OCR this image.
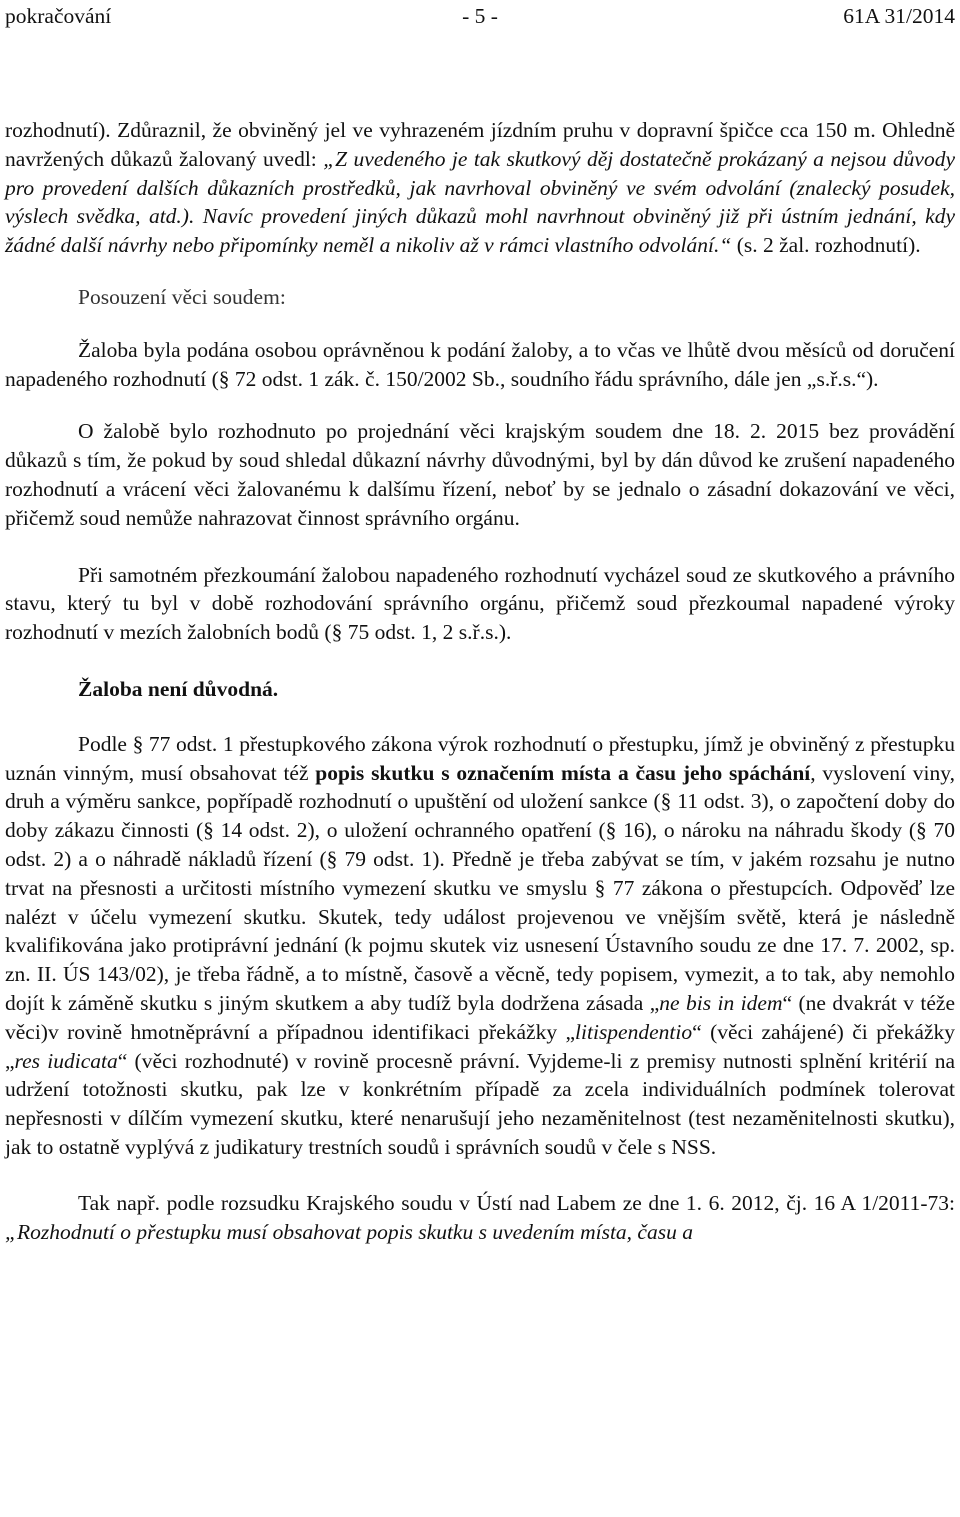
pokračování	- 5 -	61A 31/2014

rozhodnutí). Zdůraznil, že obviněný jel ve vyhrazeném jízdním pruhu v dopravní špičce cca 150 m. Ohledně navržených důkazů žalovaný uvedl: „Z uvedeného je tak skutkový děj dostatečně prokázaný a nejsou důvody pro provedení dalších důkazních prostředků, jak navrhoval obviněný ve svém odvolání (znalecký posudek, výslech svědka, atd.). Navíc provedení jiných důkazů mohl navrhnout obviněný již při ústním jednání, kdy žádné další návrhy nebo připomínky neměl a nikoliv až v rámci vlastního odvolání.“ (s. 2 žal. rozhodnutí).

Posouzení věci soudem:

Žaloba byla podána osobou oprávněnou k podání žaloby, a to včas ve lhůtě dvou měsíců od doručení napadeného rozhodnutí (§ 72 odst. 1 zák. č. 150/2002 Sb., soudního řádu správního, dále jen „s.ř.s.“).

O žalobě bylo rozhodnuto po projednání věci krajským soudem dne 18. 2. 2015 bez provádění důkazů s tím, že pokud by soud shledal důkazní návrhy důvodnými, byl by dán důvod ke zrušení napadeného rozhodnutí a vrácení věci žalovanému k dalšímu řízení, neboť by se jednalo o zásadní dokazování ve věci, přičemž soud nemůže nahrazovat činnost správního orgánu.

Při samotném přezkoumání žalobou napadeného rozhodnutí vycházel soud ze skutkového a právního stavu, který tu byl v době rozhodování správního orgánu, přičemž soud přezkoumal napadené výroky rozhodnutí v mezích žalobních bodů (§ 75 odst. 1, 2 s.ř.s.).

Žaloba není důvodná.

Podle § 77 odst. 1 přestupkového zákona výrok rozhodnutí o přestupku, jímž je obviněný z přestupku uznán vinným, musí obsahovat též popis skutku s označením místa a času jeho spáchání, vyslovení viny, druh a výměru sankce, popřípadě rozhodnutí o upuštění od uložení sankce (§ 11 odst. 3), o započtení doby do doby zákazu činnosti (§ 14 odst. 2), o uložení ochranného opatření (§ 16), o nároku na náhradu škody (§ 70 odst. 2) a o náhradě nákladů řízení (§ 79 odst. 1). Předně je třeba zabývat se tím, v jakém rozsahu je nutno trvat na přesnosti a určitosti místního vymezení skutku ve smyslu § 77 zákona o přestupcích. Odpověď lze nalézt v účelu vymezení skutku. Skutek, tedy událost projevenou ve vnějším světě, která je následně kvalifikována jako protiprávní jednání (k pojmu skutek viz usnesení Ústavního soudu ze dne 17. 7. 2002, sp. zn. II. ÚS 143/02), je třeba řádně, a to místně, časově a věcně, tedy popisem, vymezit, a to tak, aby nemohlo dojít k záměně skutku s jiným skutkem a aby tudíž byla dodržena zásada „ne bis in idem“ (ne dvakrát v téže věci)v rovině hmotněprávní a případnou identifikaci překážky „litispendentio“ (věci zahájené) či překážky „res iudicata“ (věci rozhodnuté) v rovině procesně právní. Vyjdeme-li z premisy nutnosti splnění kritérií na udržení totožnosti skutku, pak lze v konkrétním případě za zcela individuálních podmínek tolerovat nepřesnosti v dílčím vymezení skutku, které nenarušují jeho nezaměnitelnost (test nezaměnitelnosti skutku), jak to ostatně vyplývá z judikatury trestních soudů i správních soudů v čele s NSS.

Tak např. podle rozsudku Krajského soudu v Ústí nad Labem ze dne 1. 6. 2012, čj. 16 A 1/2011-73: „Rozhodnutí o přestupku musí obsahovat popis skutku s uvedením místa, času a
